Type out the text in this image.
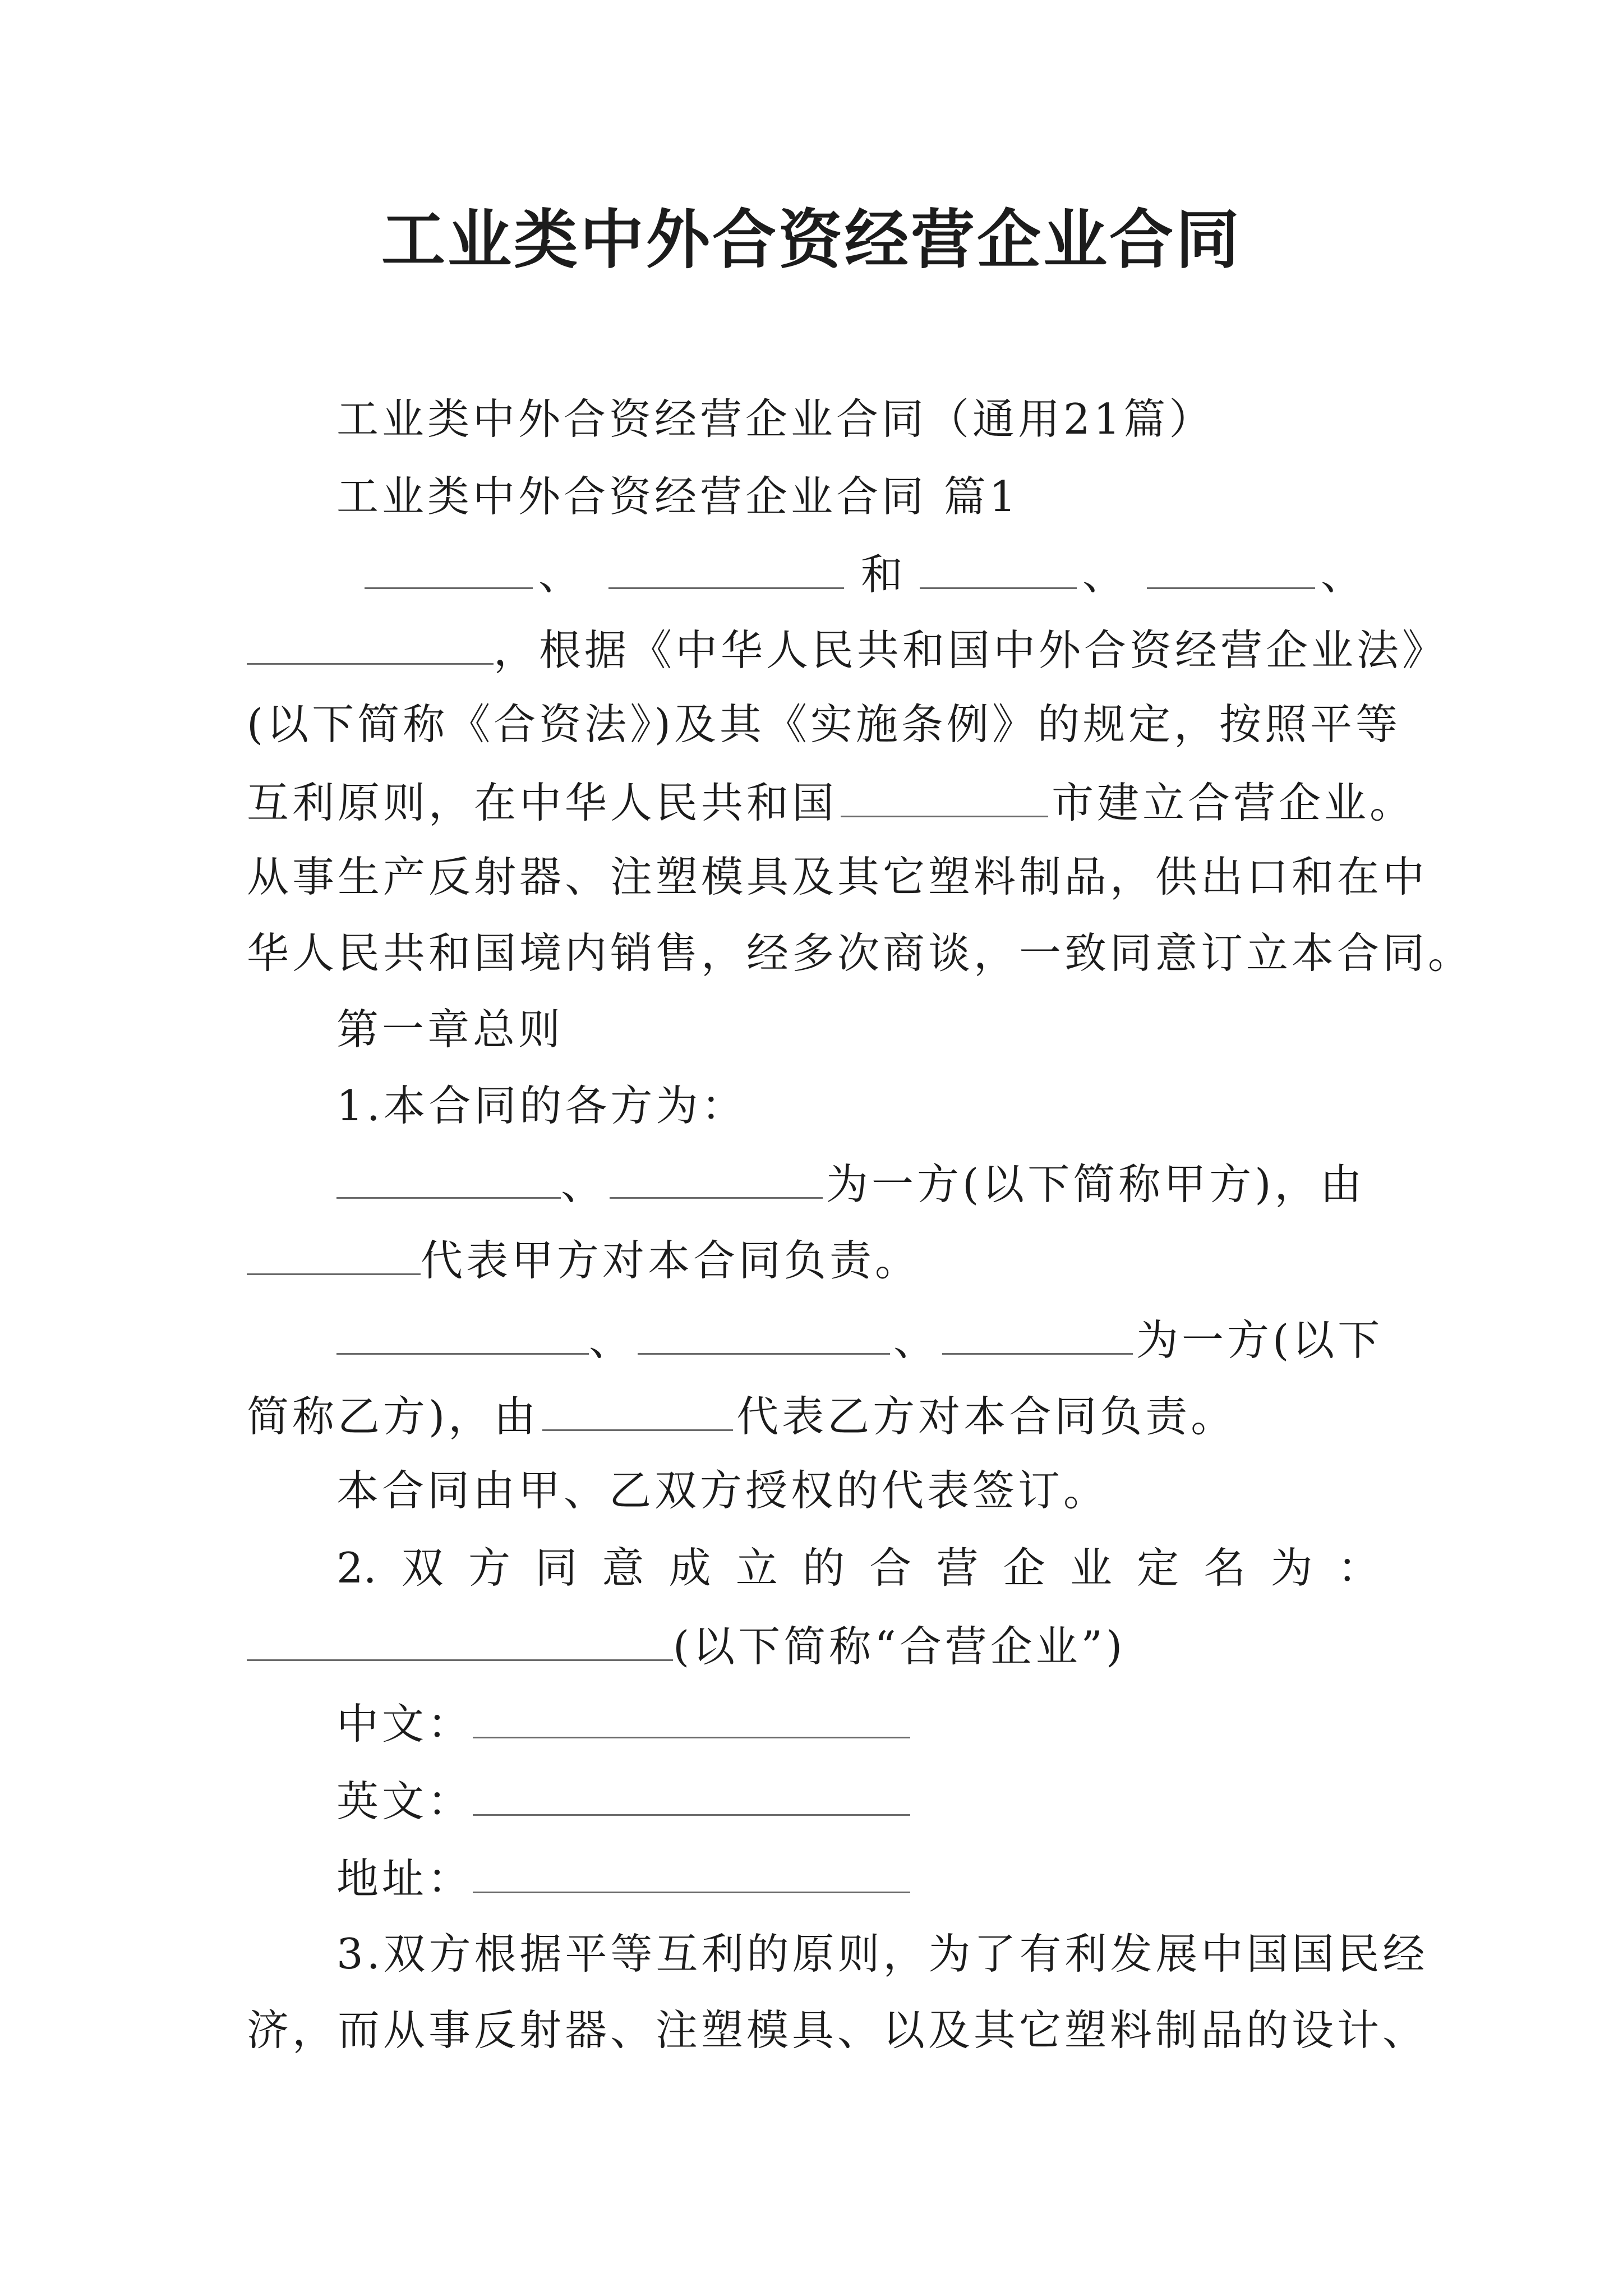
工业类中外合资经营企业合同
工业类中外合资经营企业合同（通用21篇）
工业类中外合资经营企业合同 篇1
、	和	、	、
，根据《中华人民共和国中外合资经营企业法》
(以下简称《合资法》)及其《实施条例》的规定，按照平等
互利原则，在中华人民共和国	市建立合营企业。
从事生产反射器、注塑模具及其它塑料制品，供出口和在中
华人民共和国境内销售，经多次商谈，一致同意订立本合同。
第一章总则
1.本合同的各方为：
、	为一方(以下简称甲方)，由
代表甲方对本合同负责。
、	、	为一方(以下
简称乙方)，由	代表乙方对本合同负责。
本合同由甲、乙双方授权的代表签订。
2. 双 方 同 意 成 立 的 合 营 企 业 定 名 为 ：
(以下简称“合营企业”)
中文：
英文：
地址：
3.双方根据平等互利的原则，为了有利发展中国国民经
济，而从事反射器、注塑模具、以及其它塑料制品的设计、
